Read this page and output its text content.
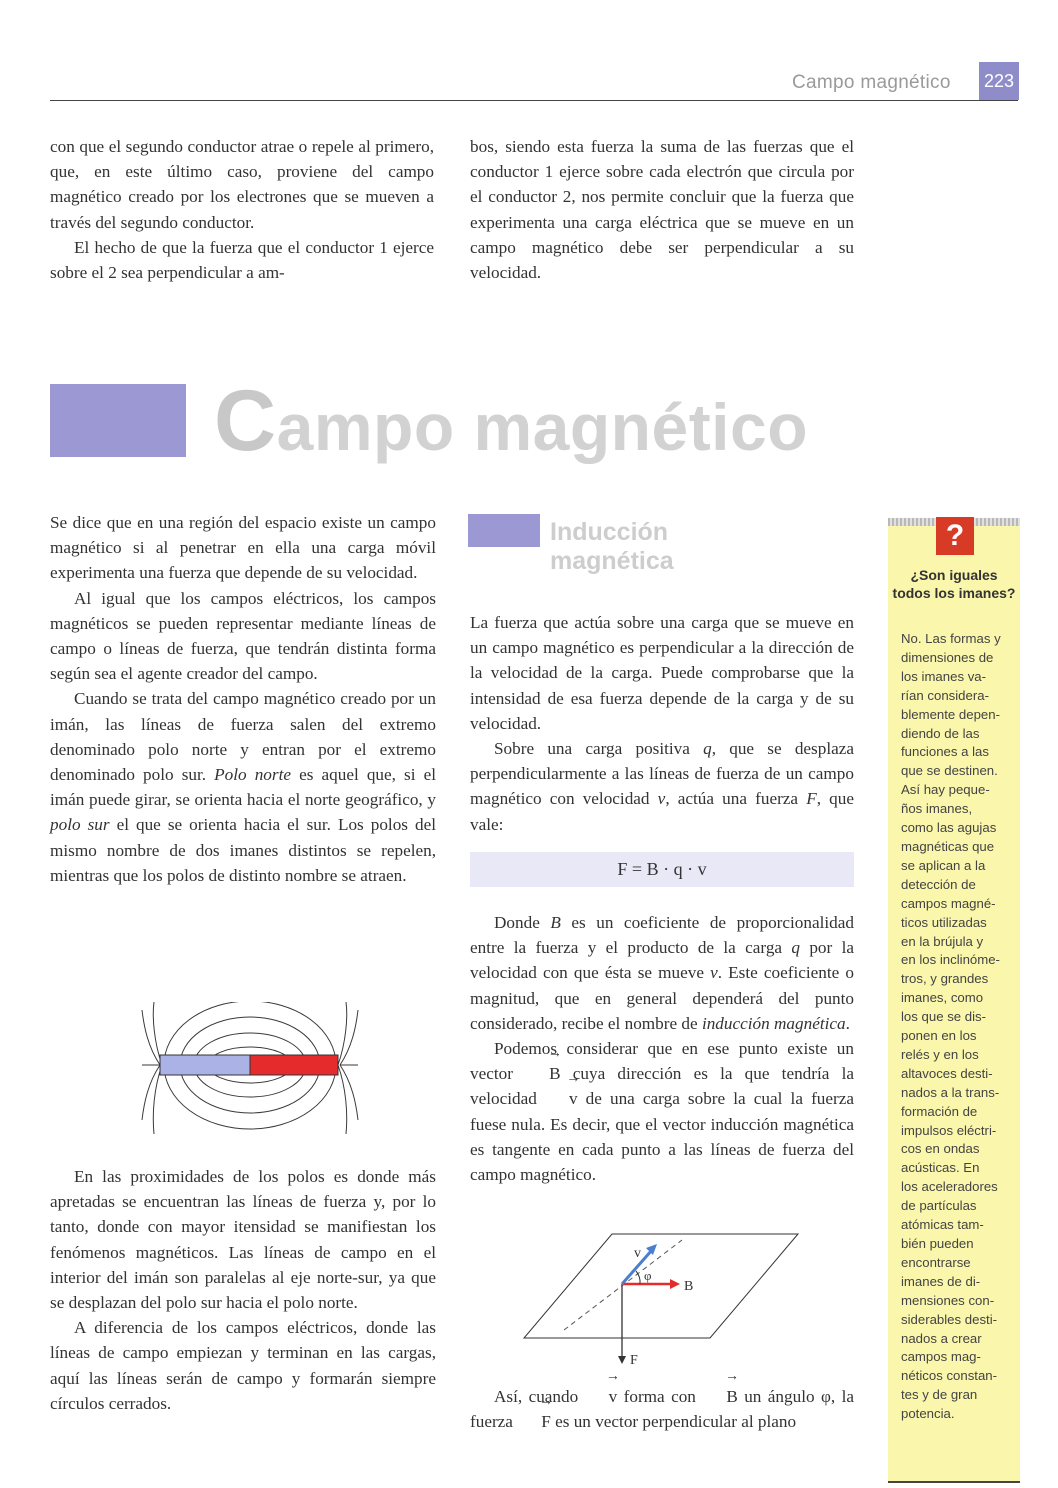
Campo magnético 223

con que el segundo conductor atrae o repele al primero, que, en este último caso, proviene del campo magnético creado por los electrones que se mueven a través del segundo conductor.

El hecho de que la fuerza que el conductor 1 ejerce sobre el 2 sea perpendicular a am-

bos, siendo esta fuerza la suma de las fuerzas que el conductor 1 ejerce sobre cada electrón que circula por el conductor 2, nos permite concluir que la fuerza que experimenta una carga eléctrica que se mueve en un campo magnético debe ser perpendicular a su velocidad.

Campo magnético

Se dice que en una región del espacio existe un campo magnético si al penetrar en ella una carga móvil experimenta una fuerza que depende de su velocidad.

Al igual que los campos eléctricos, los campos magnéticos se pueden representar mediante líneas de campo o líneas de fuerza, que tendrán distinta forma según sea el agente creador del campo.

Cuando se trata del campo magnético creado por un imán, las líneas de fuerza salen del extremo denominado polo norte y entran por el extremo denominado polo sur. Polo norte es aquel que, si el imán puede girar, se orienta hacia el norte geográfico, y polo sur el que se orienta hacia el sur. Los polos del mismo nombre de dos imanes distintos se repelen, mientras que los polos de distinto nombre se atraen.

En las proximidades de los polos es donde más apretadas se encuentran las líneas de fuerza y, por lo tanto, donde con mayor itensidad se manifiestan los fenómenos magnéticos. Las líneas de campo en el interior del imán son paralelas al eje norte-sur, ya que se desplazan del polo sur hacia el polo norte.

A diferencia de los campos eléctricos, donde las líneas de campo empiezan y terminan en las cargas, aquí las líneas serán de campo y formarán siempre círculos cerrados.

Inducción
magnética

La fuerza que actúa sobre una carga que se mueve en un campo magnético es perpendicular a la dirección de la velocidad de la carga. Puede comprobarse que la intensidad de esa fuerza depende de la carga y de su velocidad.

Sobre una carga positiva q, que se desplaza perpendicularmente a las líneas de fuerza de un campo magnético con velocidad v, actúa una fuerza F, que vale:

F = B · q · v

Donde B es un coeficiente de proporcionalidad entre la fuerza y el producto de la carga q por la velocidad con que ésta se mueve v. Este coeficiente o magnitud, que en general dependerá del punto considerado, recibe el nombre de inducción magnética.

Podemos considerar que en ese punto existe un vector → B cuya dirección es la que tendría la velocidad → v de una carga sobre la cual la fuerza fuese nula. Es decir, que el vector inducción magnética es tangente en cada punto a las líneas de fuerza del campo magnético.

v
φ
B
F

Así, cuando → v forma con → B un ángulo φ, la fuerza → F es un vector perpendicular al plano

?
¿Son iguales todos los imanes?
No. Las formas y
dimensiones de
los imanes va-
rían considera-
blemente depen-
diendo de las
funciones a las
que se destinen.
Así hay peque-
ños imanes,
como las agujas
magnéticas que
se aplican a la
detección de
campos magné-
ticos utilizadas
en la brújula y
en los inclinóme-
tros, y grandes
imanes, como
los que se dis-
ponen en los
relés y en los
altavoces desti-
nados a la trans-
formación de
impulsos eléctri-
cos en ondas
acústicas. En
los aceleradores
de partículas
atómicas tam-
bién pueden
encontrarse
imanes de di-
mensiones con-
siderables desti-
nados a crear
campos mag-
néticos constan-
tes y de gran
potencia.
